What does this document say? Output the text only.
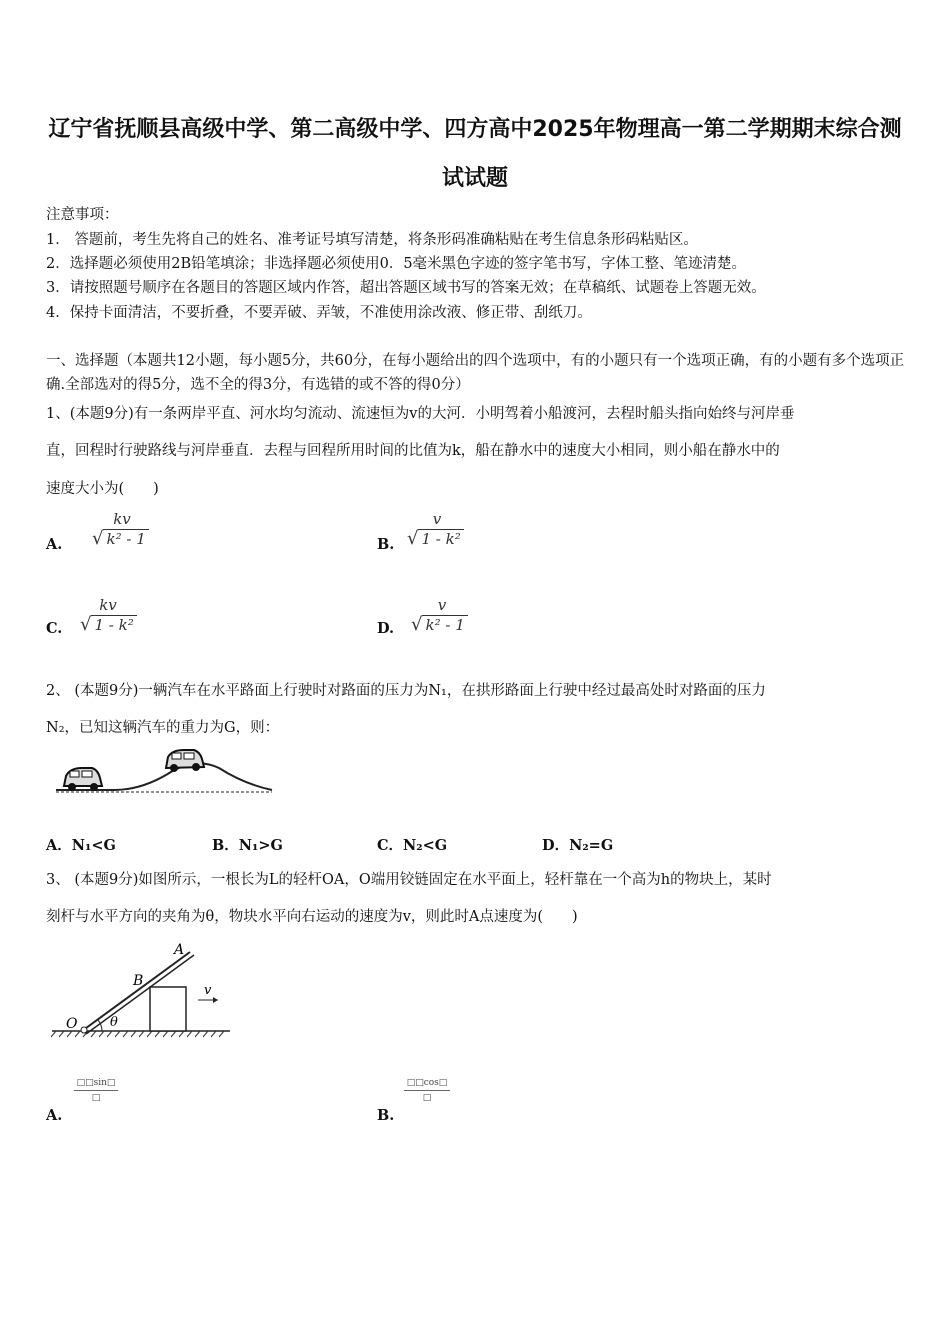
辽宁省抚顺县高级中学、第二高级中学、四方高中2025年物理高一第二学期期末综合测
试试题
注意事项：
1． 答题前，考生先将自己的姓名、准考证号填写清楚，将条形码准确粘贴在考生信息条形码粘贴区。
2．选择题必须使用2B铅笔填涂；非选择题必须使用0．5毫米黑色字迹的签字笔书写，字体工整、笔迹清楚。
3．请按照题号顺序在各题目的答题区域内作答，超出答题区域书写的答案无效；在草稿纸、试题卷上答题无效。
4．保持卡面清洁，不要折叠，不要弄破、弄皱，不准使用涂改液、修正带、刮纸刀。
一、选择题（本题共12小题，每小题5分，共60分，在每小题给出的四个选项中，有的小题只有一个选项正确，有的小题有多个选项正确.全部选对的得5分，选不全的得3分，有选错的或不答的得0分）
1、(本题9分)有一条两岸平直、河水均匀流动、流速恒为v的大河．小明驾着小船渡河，去程时船头指向始终与河岸垂
直，回程时行驶路线与河岸垂直．去程与回程所用时间的比值为k，船在静水中的速度大小相同，则小船在静水中的
速度大小为(　　)
A.
kv
√ k² - 1	B.
v
√ 1 - k²
C.
kv
√ 1 - k²	D.
v
√ k² - 1
2、 (本题9分)一辆汽车在水平路面上行驶时对路面的压力为N₁，在拱形路面上行驶中经过最高处时对路面的压力
N₂，已知这辆汽车的重力为G，则：
A．N₁<G	B．N₁>G	C．N₂<G	D．N₂=G
3、 (本题9分)如图所示，一根长为L的轻杆OA，O端用铰链固定在水平面上，轻杆靠在一个高为h的物块上，某时
刻杆与水平方向的夹角为θ，物块水平向右运动的速度为v，则此时A点速度为(　　)
A
B
O	θ
v
A.
□□sin□
□
B.
□□cos□
□
